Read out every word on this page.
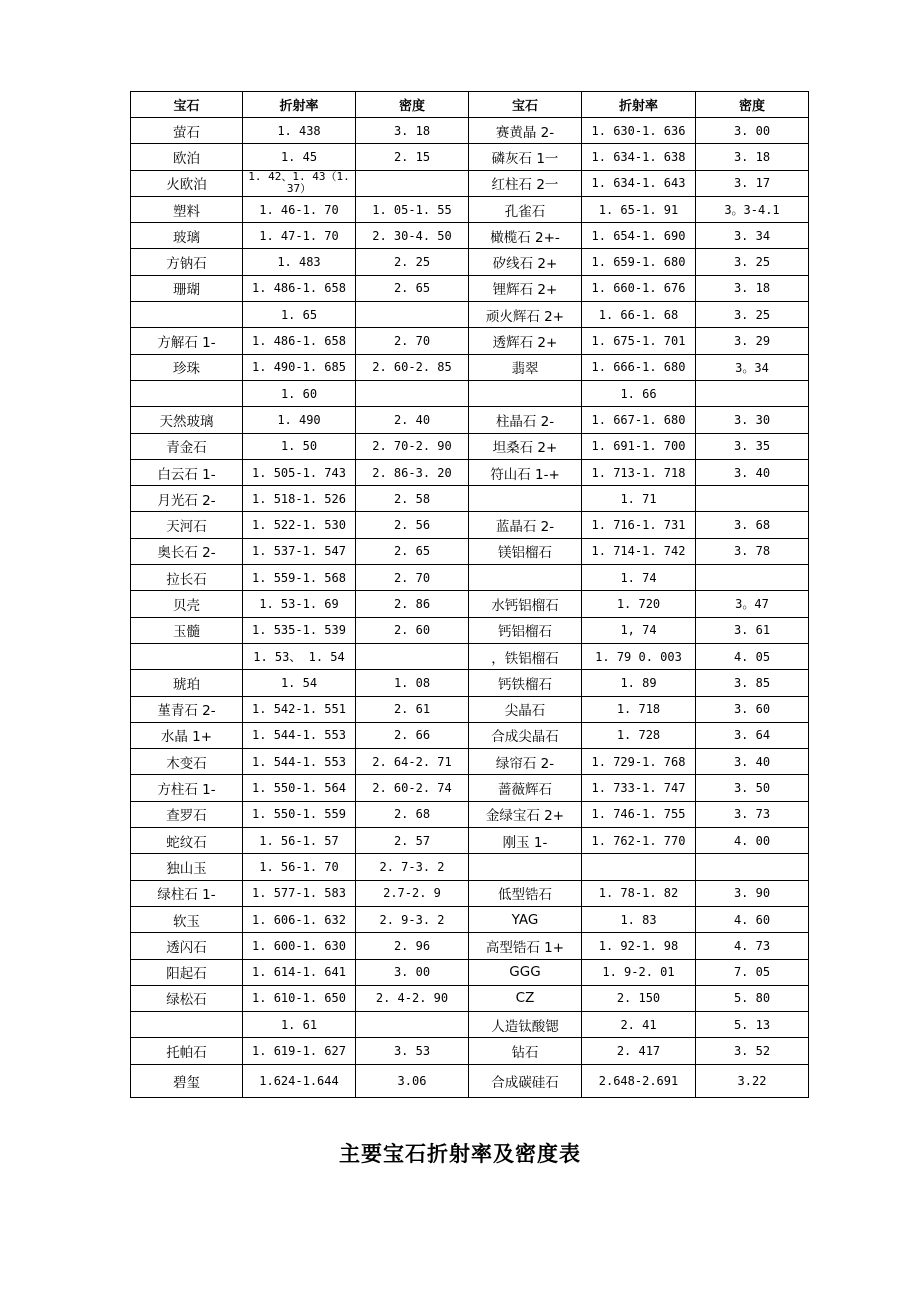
宝石	折射率	密度	宝石	折射率	密度
萤石	1. 438	3. 18	赛黄晶 2-	1. 630-1. 636	3. 00
欧泊	1. 45	2. 15	磷灰石 1一	1. 634-1. 638	3. 18
火欧泊	1. 42、1. 43（1. 37）		红柱石 2一	1. 634-1. 643	3. 17
塑料	1. 46-1. 70	1. 05-1. 55	孔雀石	1. 65-1. 91	3。3-4.1
玻璃	1. 47-1. 70	2. 30-4. 50	橄榄石 2+-	1. 654-1. 690	3. 34
方钠石	1. 483	2. 25	矽线石 2+	1. 659-1. 680	3. 25
珊瑚	1. 486-1. 658	2. 65	锂辉石 2+	1. 660-1. 676	3. 18
	1. 65		顽火辉石 2+	1. 66-1. 68	3. 25
方解石 1-	1. 486-1. 658	2. 70	透辉石 2+	1. 675-1. 701	3. 29
珍珠	1. 490-1. 685	2. 60-2. 85	翡翠	1. 666-1. 680	3。34
	1. 60			1. 66	
天然玻璃	1. 490	2. 40	柱晶石 2-	1. 667-1. 680	3. 30
青金石	1. 50	2. 70-2. 90	坦桑石 2+	1. 691-1. 700	3. 35
白云石 1-	1. 505-1. 743	2. 86-3. 20	符山石 1-+	1. 713-1. 718	3. 40
月光石 2-	1. 518-1. 526	2. 58		1. 71	
天河石	1. 522-1. 530	2. 56	蓝晶石 2-	1. 716-1. 731	3. 68
奥长石 2-	1. 537-1. 547	2. 65	镁铝榴石	1. 714-1. 742	3. 78
拉长石	1. 559-1. 568	2. 70		1. 74	
贝壳	1. 53-1. 69	2. 86	水钙铝榴石	1. 720	3。47
玉髓	1. 535-1. 539	2. 60	钙铝榴石	1, 74	3. 61
	1. 53、 1. 54		，铁铝榴石	1. 79 0. 003	4. 05
琥珀	1. 54	1. 08	钙铁榴石	1. 89	3. 85
堇青石 2-	1. 542-1. 551	2. 61	尖晶石	1. 718	3. 60
水晶 1+	1. 544-1. 553	2. 66	合成尖晶石	1. 728	3. 64
木变石	1. 544-1. 553	2. 64-2. 71	绿帘石 2-	1. 729-1. 768	3. 40
方柱石 1-	1. 550-1. 564	2. 60-2. 74	蔷薇辉石	1. 733-1. 747	3. 50
查罗石	1. 550-1. 559	2. 68	金绿宝石 2+	1. 746-1. 755	3. 73
蛇纹石	1. 56-1. 57	2. 57	刚玉 1-	1. 762-1. 770	4. 00
独山玉	1. 56-1. 70	2. 7-3. 2			
绿柱石 1-	1. 577-1. 583	2.7-2. 9	低型锆石	1. 78-1. 82	3. 90
软玉	1. 606-1. 632	2. 9-3. 2	YAG	1. 83	4. 60
透闪石	1. 600-1. 630	2. 96	高型锆石 1+	1. 92-1. 98	4. 73
阳起石	1. 614-1. 641	3. 00	GGG	1. 9-2. 01	7. 05
绿松石	1. 610-1. 650	2. 4-2. 90	CZ	2. 150	5. 80
	1. 61		人造钛酸锶	2. 41	5. 13
托帕石	1. 619-1. 627	3. 53	钻石	2. 417	3. 52
碧玺	1.624-1.644	3.06	合成碳硅石	2.648-2.691	3.22
主要宝石折射率及密度表
